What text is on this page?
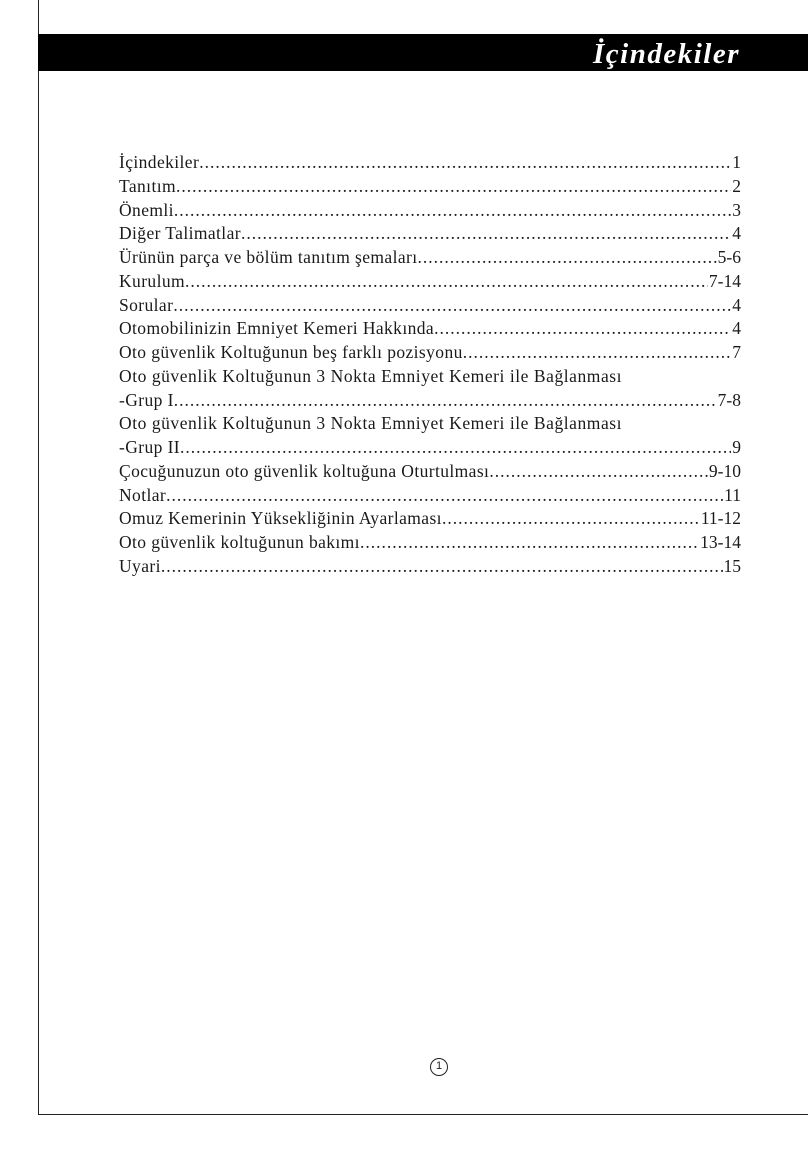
İçindekiler
İçindekiler .....	1
Tanıtım .....	2
Önemli .....	3
Diğer Talimatlar .....	4
Ürünün parça ve bölüm tanıtım şemaları .....	5-6
Kurulum .....	7-14
Sorular .....	4
Otomobilinizin Emniyet Kemeri Hakkında .....	4
Oto güvenlik Koltuğunun beş farklı pozisyonu .....	7
Oto güvenlik Koltuğunun 3 Nokta Emniyet Kemeri ile Bağlanması
-Grup I .....	7-8
Oto güvenlik Koltuğunun 3 Nokta Emniyet Kemeri ile Bağlanması
-Grup II .....	9
Çocuğunuzun oto güvenlik koltuğuna Oturtulması .....	9-10
Notlar .....	11
Omuz Kemerinin Yüksekliğinin Ayarlaması .....	11-12
Oto güvenlik koltuğunun bakımı .....	13-14
Uyari .....	15
1
